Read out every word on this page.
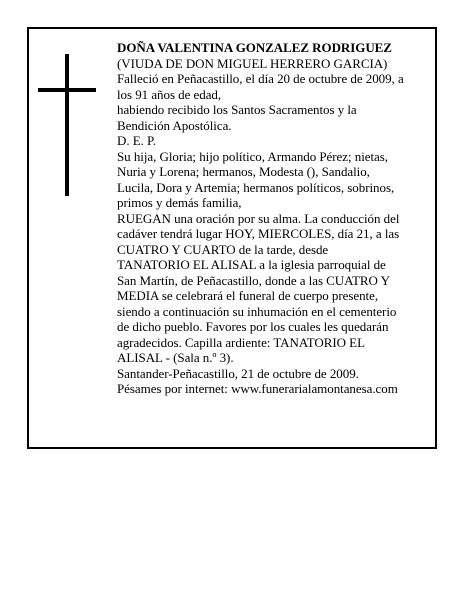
DOÑA VALENTINA GONZALEZ RODRIGUEZ
(VIUDA DE DON MIGUEL HERRERO GARCIA)
Falleció en Peñacastillo, el día 20 de octubre de 2009, a
los 91 años de edad,
habiendo recibido los Santos Sacramentos y la
Bendición Apostólica.
D. E. P.
Su hija, Gloria; hijo político, Armando Pérez; nietas,
Nuria y Lorena; hermanos, Modesta (), Sandalio,
Lucila, Dora y Artemia; hermanos políticos, sobrinos,
primos y demás familia,
RUEGAN una oración por su alma. La conducción del
cadáver tendrá lugar HOY, MIERCOLES, día 21, a las
CUATRO Y CUARTO de la tarde, desde
TANATORIO EL ALISAL a la iglesia parroquial de
San Martín, de Peñacastillo, donde a las CUATRO Y
MEDIA se celebrará el funeral de cuerpo presente,
siendo a continuación su inhumación en el cementerio
de dicho pueblo. Favores por los cuales les quedarán
agradecidos. Capilla ardiente: TANATORIO EL
ALISAL - (Sala n.º 3).
Santander-Peñacastillo, 21 de octubre de 2009.
Pésames por internet: www.funerarialamontanesa.com
